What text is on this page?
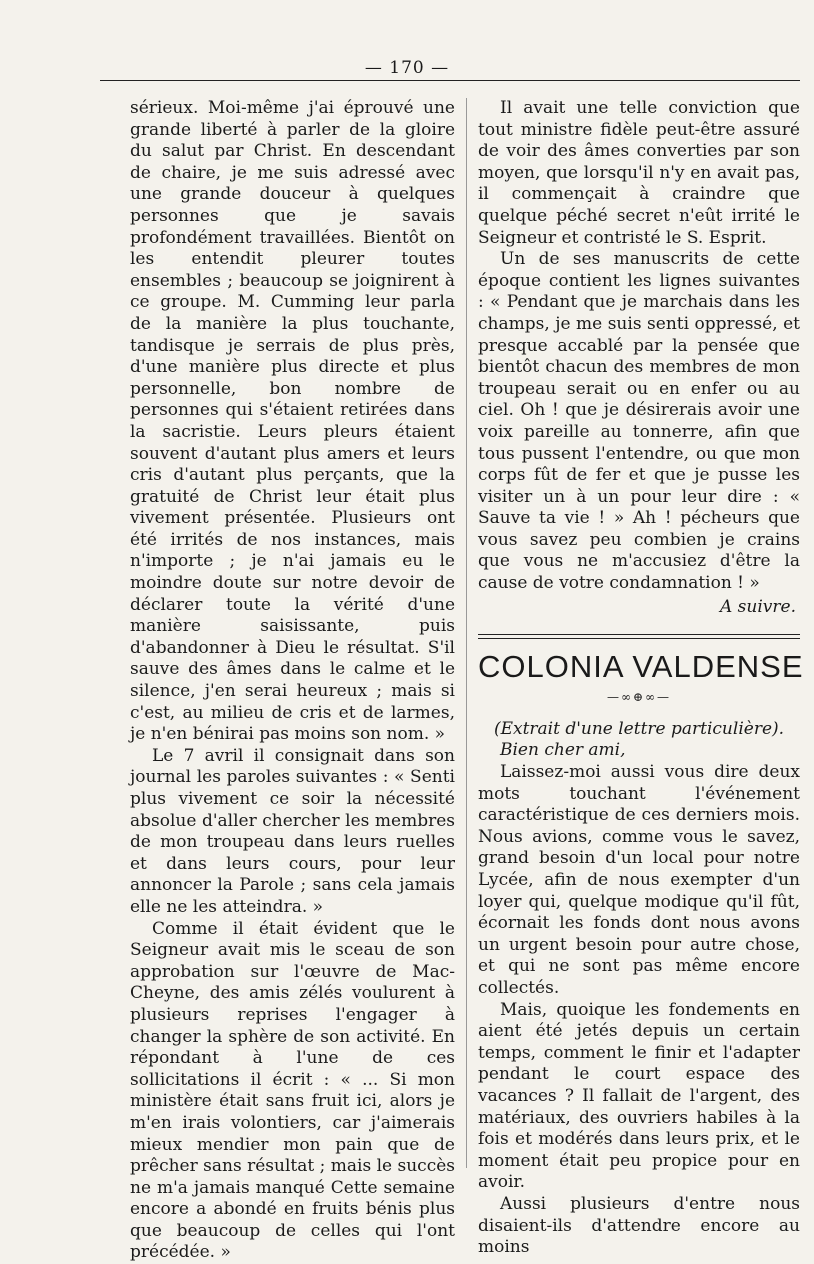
— 170 —

sérieux. Moi-même j'ai éprouvé une grande liberté à parler de la gloire du salut par Christ. En descendant de chaire, je me suis adressé avec une grande douceur à quelques personnes que je savais profondément travaillées. Bientôt on les entendit pleurer toutes ensembles ; beaucoup se joignirent à ce groupe. M. Cumming leur parla de la manière la plus touchante, tandisque je serrais de plus près, d'une manière plus directe et plus personnelle, bon nombre de personnes qui s'étaient retirées dans la sacristie. Leurs pleurs étaient souvent d'autant plus amers et leurs cris d'autant plus perçants, que la gratuité de Christ leur était plus vivement présentée. Plusieurs ont été irrités de nos instances, mais n'importe ; je n'ai jamais eu le moindre doute sur notre devoir de déclarer toute la vérité d'une manière saisissante, puis d'abandonner à Dieu le résultat. S'il sauve des âmes dans le calme et le silence, j'en serai heureux ; mais si c'est, au milieu de cris et de larmes, je n'en bénirai pas moins son nom. »

Le 7 avril il consignait dans son journal les paroles suivantes : « Senti plus vivement ce soir la nécessité absolue d'aller chercher les membres de mon troupeau dans leurs ruelles et dans leurs cours, pour leur annoncer la Parole ; sans cela jamais elle ne les atteindra. »

Comme il était évident que le Seigneur avait mis le sceau de son approbation sur l'œuvre de Mac-Cheyne, des amis zélés voulurent à plusieurs reprises l'engager à changer la sphère de son activité. En répondant à l'une de ces sollicitations il écrit : « ... Si mon ministère était sans fruit ici, alors je m'en irais volontiers, car j'aimerais mieux mendier mon pain que de prêcher sans résultat ; mais le succès ne m'a jamais manqué Cette semaine encore a abondé en fruits bénis plus que beaucoup de celles qui l'ont précédée. »

Il avait une telle conviction que tout ministre fidèle peut-être assuré de voir des âmes converties par son moyen, que lorsqu'il n'y en avait pas, il commençait à craindre que quelque péché secret n'eût irrité le Seigneur et contristé le S. Esprit.

Un de ses manuscrits de cette époque contient les lignes suivantes : « Pendant que je marchais dans les champs, je me suis senti oppressé, et presque accablé par la pensée que bientôt chacun des membres de mon troupeau serait ou en enfer ou au ciel. Oh ! que je désirerais avoir une voix pareille au tonnerre, afin que tous pussent l'entendre, ou que mon corps fût de fer et que je pusse les visiter un à un pour leur dire : « Sauve ta vie ! » Ah ! pécheurs que vous savez peu combien je crains que vous ne m'accusiez d'être la cause de votre condamnation ! »

A suivre.
COLONIA VALDENSE
—∞⊕∞—
(Extrait d'une lettre particulière).

Bien cher ami,

Laissez-moi aussi vous dire deux mots touchant l'événement caractéristique de ces derniers mois. Nous avions, comme vous le savez, grand besoin d'un local pour notre Lycée, afin de nous exempter d'un loyer qui, quelque modique qu'il fût, écornait les fonds dont nous avons un urgent besoin pour autre chose, et qui ne sont pas même encore collectés.

Mais, quoique les fondements en aient été jetés depuis un certain temps, comment le finir et l'adapter pendant le court espace des vacances ? Il fallait de l'argent, des matériaux, des ouvriers habiles à la fois et modérés dans leurs prix, et le moment était peu propice pour en avoir.

Aussi plusieurs d'entre nous disaient-ils d'attendre encore au moins
